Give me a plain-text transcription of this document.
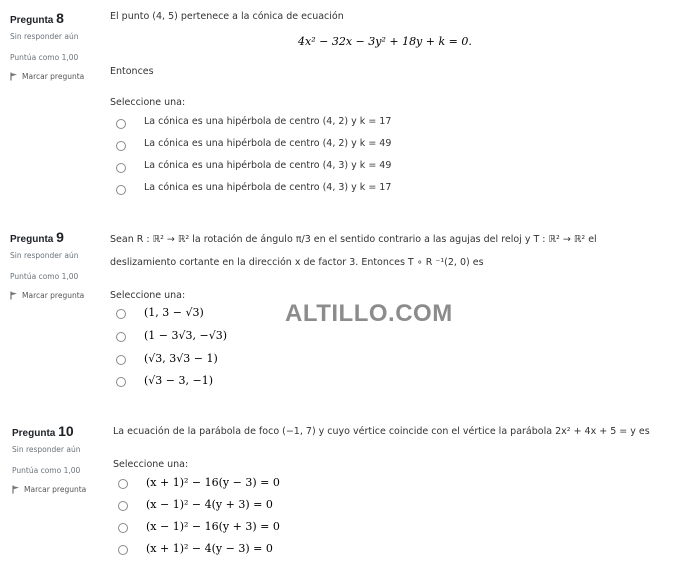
Pregunta 8
Sin responder aún
Puntúa como 1,00
Marcar pregunta
El punto (4, 5) pertenece a la cónica de ecuación
4x² − 32x − 3y² + 18y + k = 0.
Entonces
Seleccione una:
La cónica es una hipérbola de centro (4, 2) y k = 17
La cónica es una hipérbola de centro (4, 2) y k = 49
La cónica es una hipérbola de centro (4, 3) y k = 49
La cónica es una hipérbola de centro (4, 3) y k = 17
Pregunta 9
Sin responder aún
Puntúa como 1,00
Marcar pregunta
Sean R : ℝ² → ℝ² la rotación de ángulo π/3 en el sentido contrario a las agujas del reloj y T : ℝ² → ℝ² el
deslizamiento cortante en la dirección x de factor 3. Entonces T ∘ R ⁻¹(2, 0) es
Seleccione una:
(1, 3 − √3)
(1 − 3√3, −√3)
(√3, 3√3 − 1)
(√3 − 3, −1)
ALTILLO.COM
Pregunta 10
Sin responder aún
Puntúa como 1,00
Marcar pregunta
La ecuación de la parábola de foco (−1, 7) y cuyo vértice coincide con el vértice la parábola 2x² + 4x + 5 = y es
Seleccione una:
(x + 1)² − 16(y − 3) = 0
(x − 1)² − 4(y + 3) = 0
(x − 1)² − 16(y + 3) = 0
(x + 1)² − 4(y − 3) = 0
